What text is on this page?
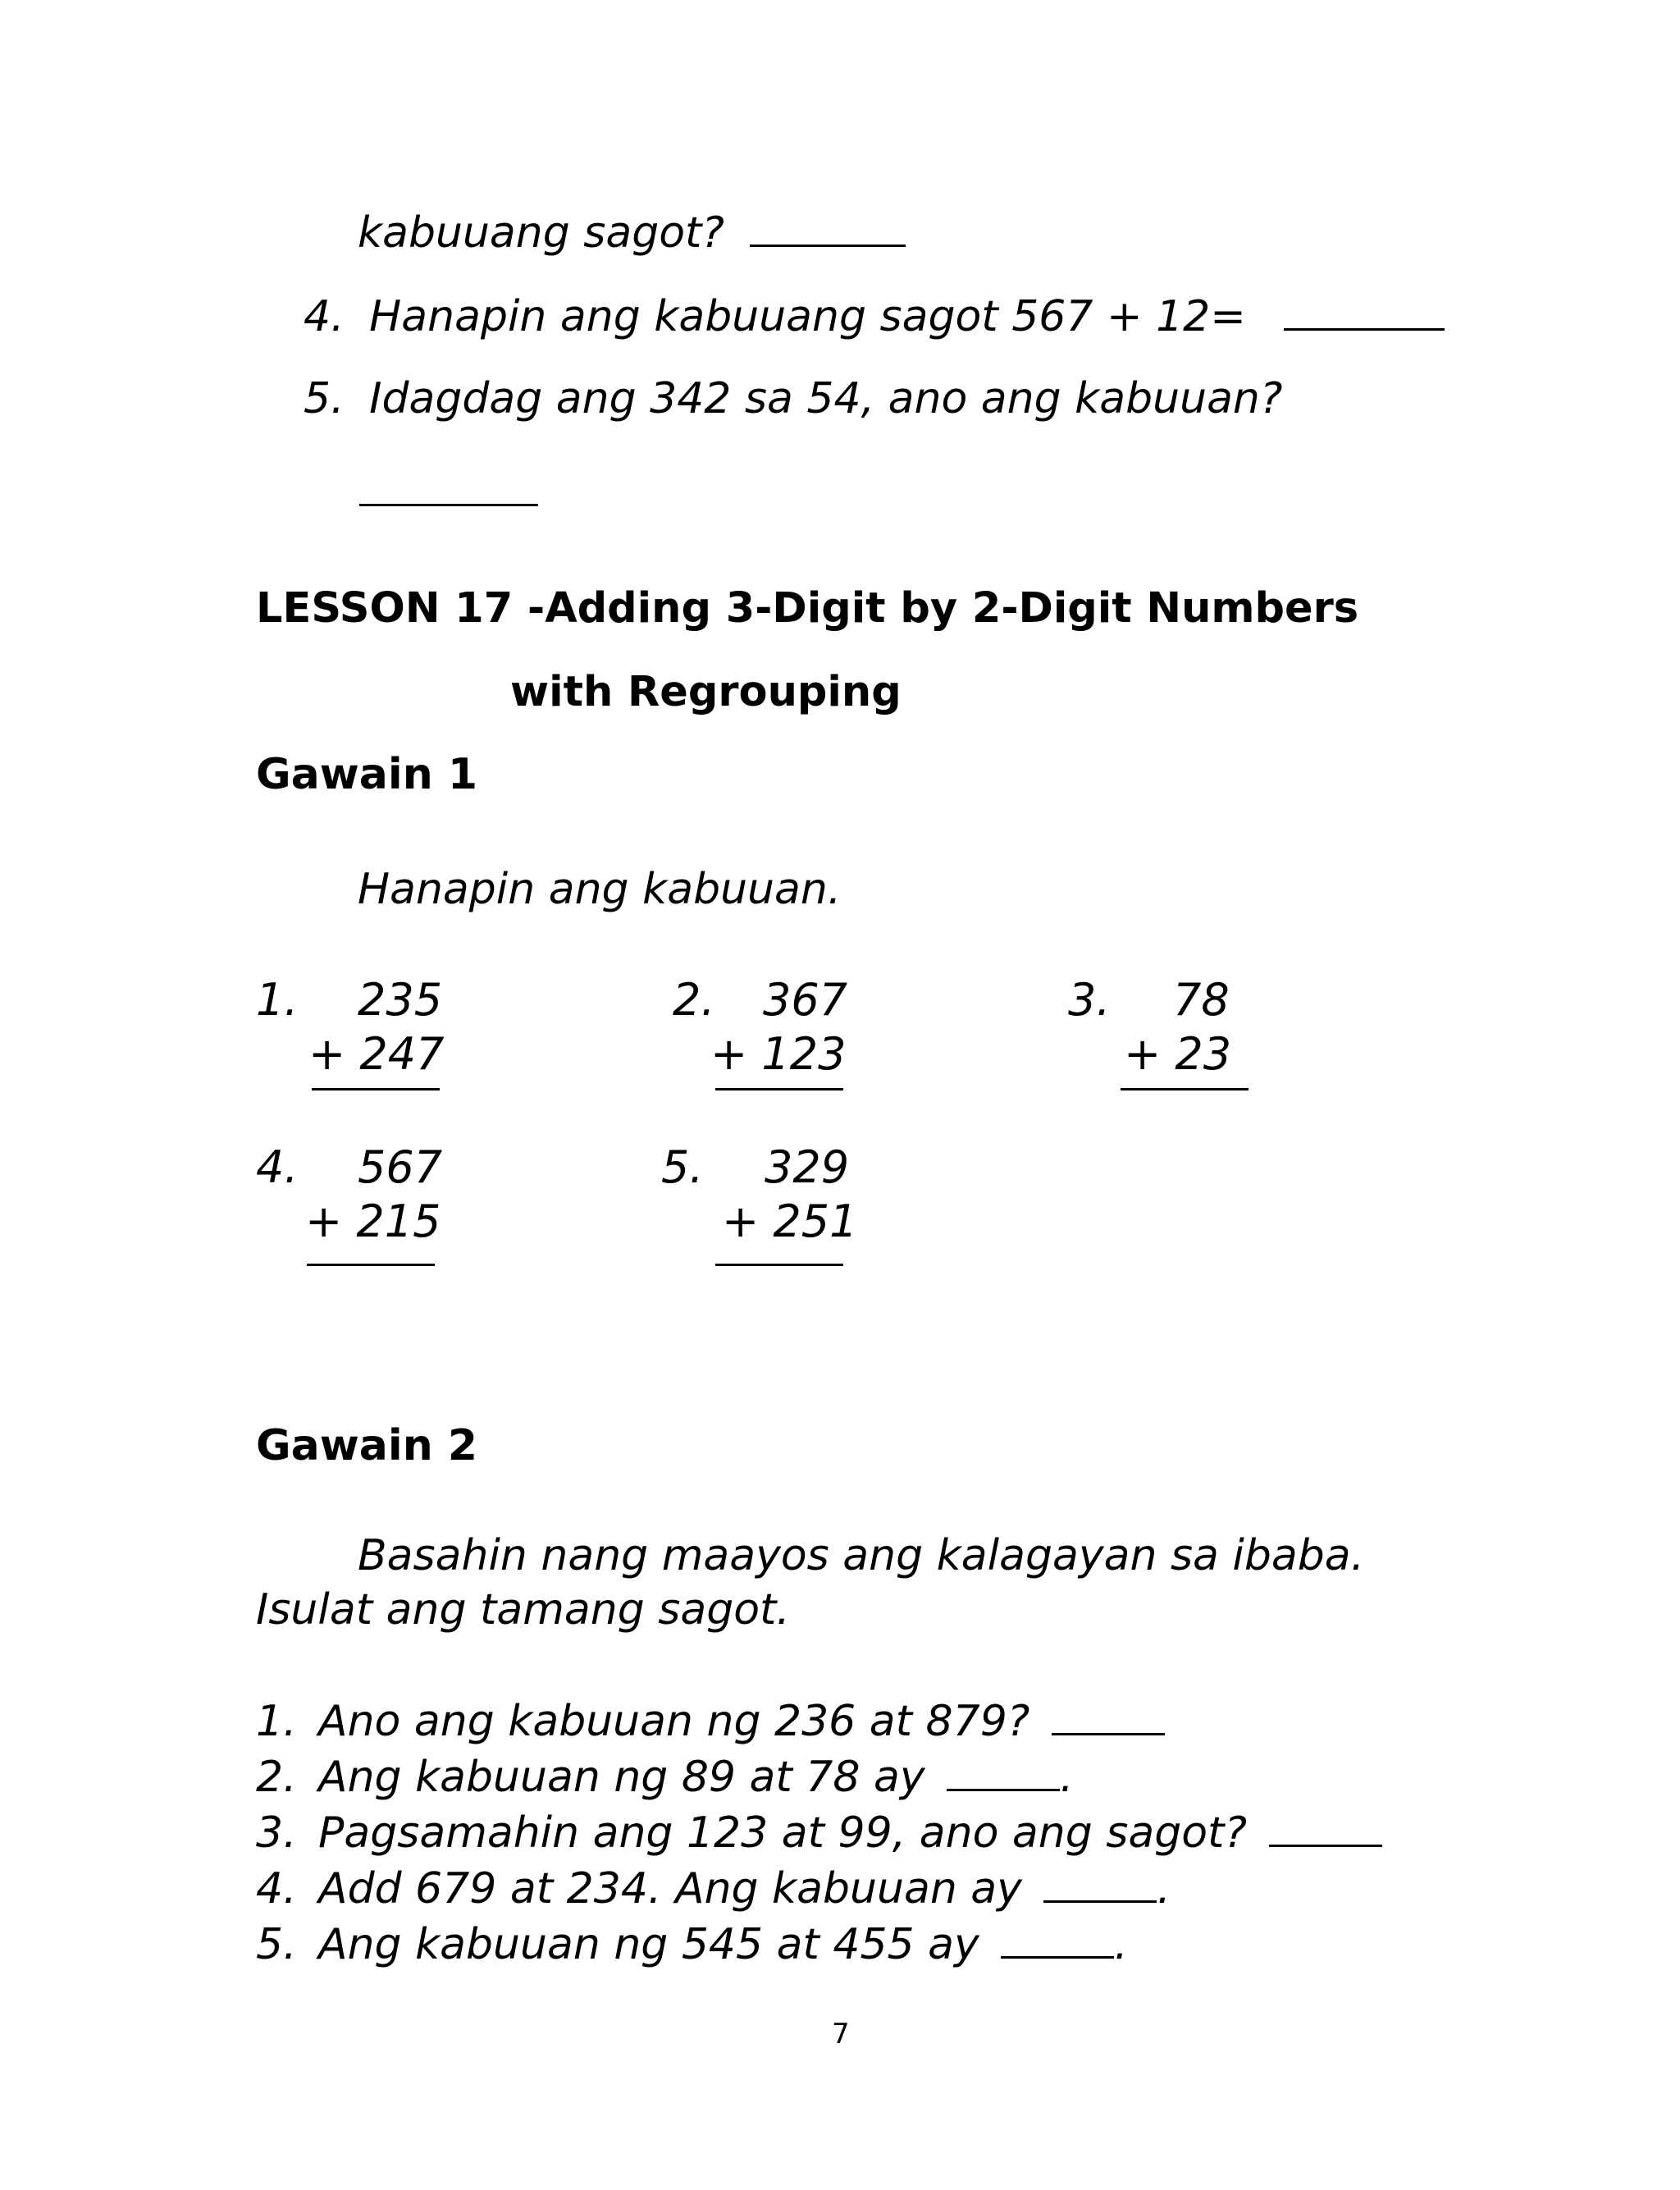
kabuuang sagot?
4. Hanapin ang kabuuang sagot 567 + 12=
5. Idagdag ang 342 sa 54, ano ang kabuuan?
LESSON 17 -Adding 3-Digit by 2-Digit Numbers
with Regrouping
Gawain 1
Hanapin ang kabuuan.
1. 235
+ 247
2. 367
+ 123
3. 78
+ 23
4. 567
+ 215
5. 329
+ 251
Gawain 2
Basahin nang maayos ang kalagayan sa ibaba.
Isulat ang tamang sagot.
1. Ano ang kabuuan ng 236 at 879?
2. Ang kabuuan ng 89 at 78 ay	.
3. Pagsamahin ang 123 at 99, ano ang sagot?
4. Add 679 at 234. Ang kabuuan ay	.
5. Ang kabuuan ng 545 at 455 ay	.
7
